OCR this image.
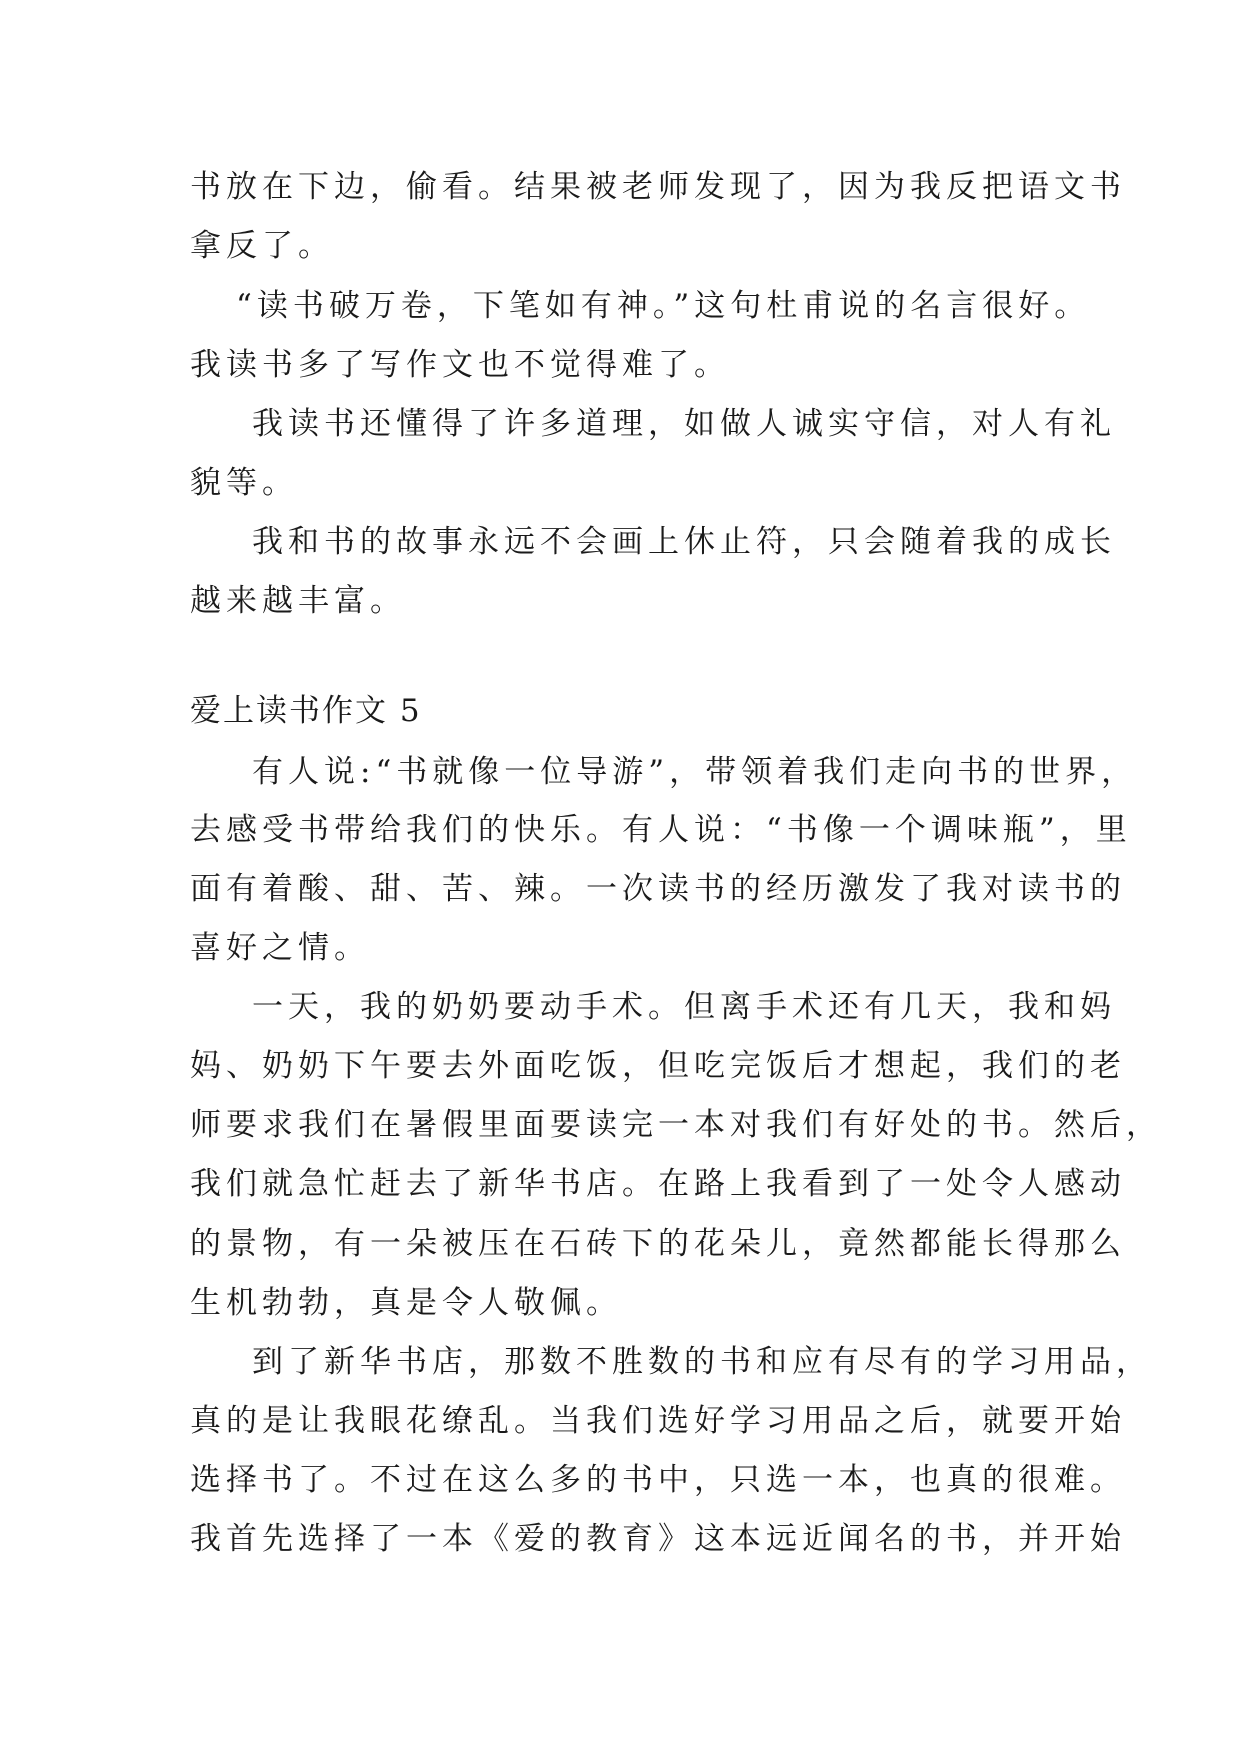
书放在下边，偷看。结果被老师发现了，因为我反把语文书
拿反了。
“读书破万卷，下笔如有神。”这句杜甫说的名言很好。
我读书多了写作文也不觉得难了。
我读书还懂得了许多道理，如做人诚实守信，对人有礼
貌等。
我和书的故事永远不会画上休止符，只会随着我的成长
越来越丰富。
爱上读书作文 5
有人说:“书就像一位导游”，带领着我们走向书的世界，
去感受书带给我们的快乐。有人说：“书像一个调味瓶”，里
面有着酸、甜、苦、辣。一次读书的经历激发了我对读书的
喜好之情。
一天，我的奶奶要动手术。但离手术还有几天，我和妈
妈、奶奶下午要去外面吃饭，但吃完饭后才想起，我们的老
师要求我们在暑假里面要读完一本对我们有好处的书。然后，
我们就急忙赶去了新华书店。在路上我看到了一处令人感动
的景物，有一朵被压在石砖下的花朵儿，竟然都能长得那么
生机勃勃，真是令人敬佩。
到了新华书店，那数不胜数的书和应有尽有的学习用品，
真的是让我眼花缭乱。当我们选好学习用品之后，就要开始
选择书了。不过在这么多的书中，只选一本，也真的很难。
我首先选择了一本《爱的教育》这本远近闻名的书，并开始
